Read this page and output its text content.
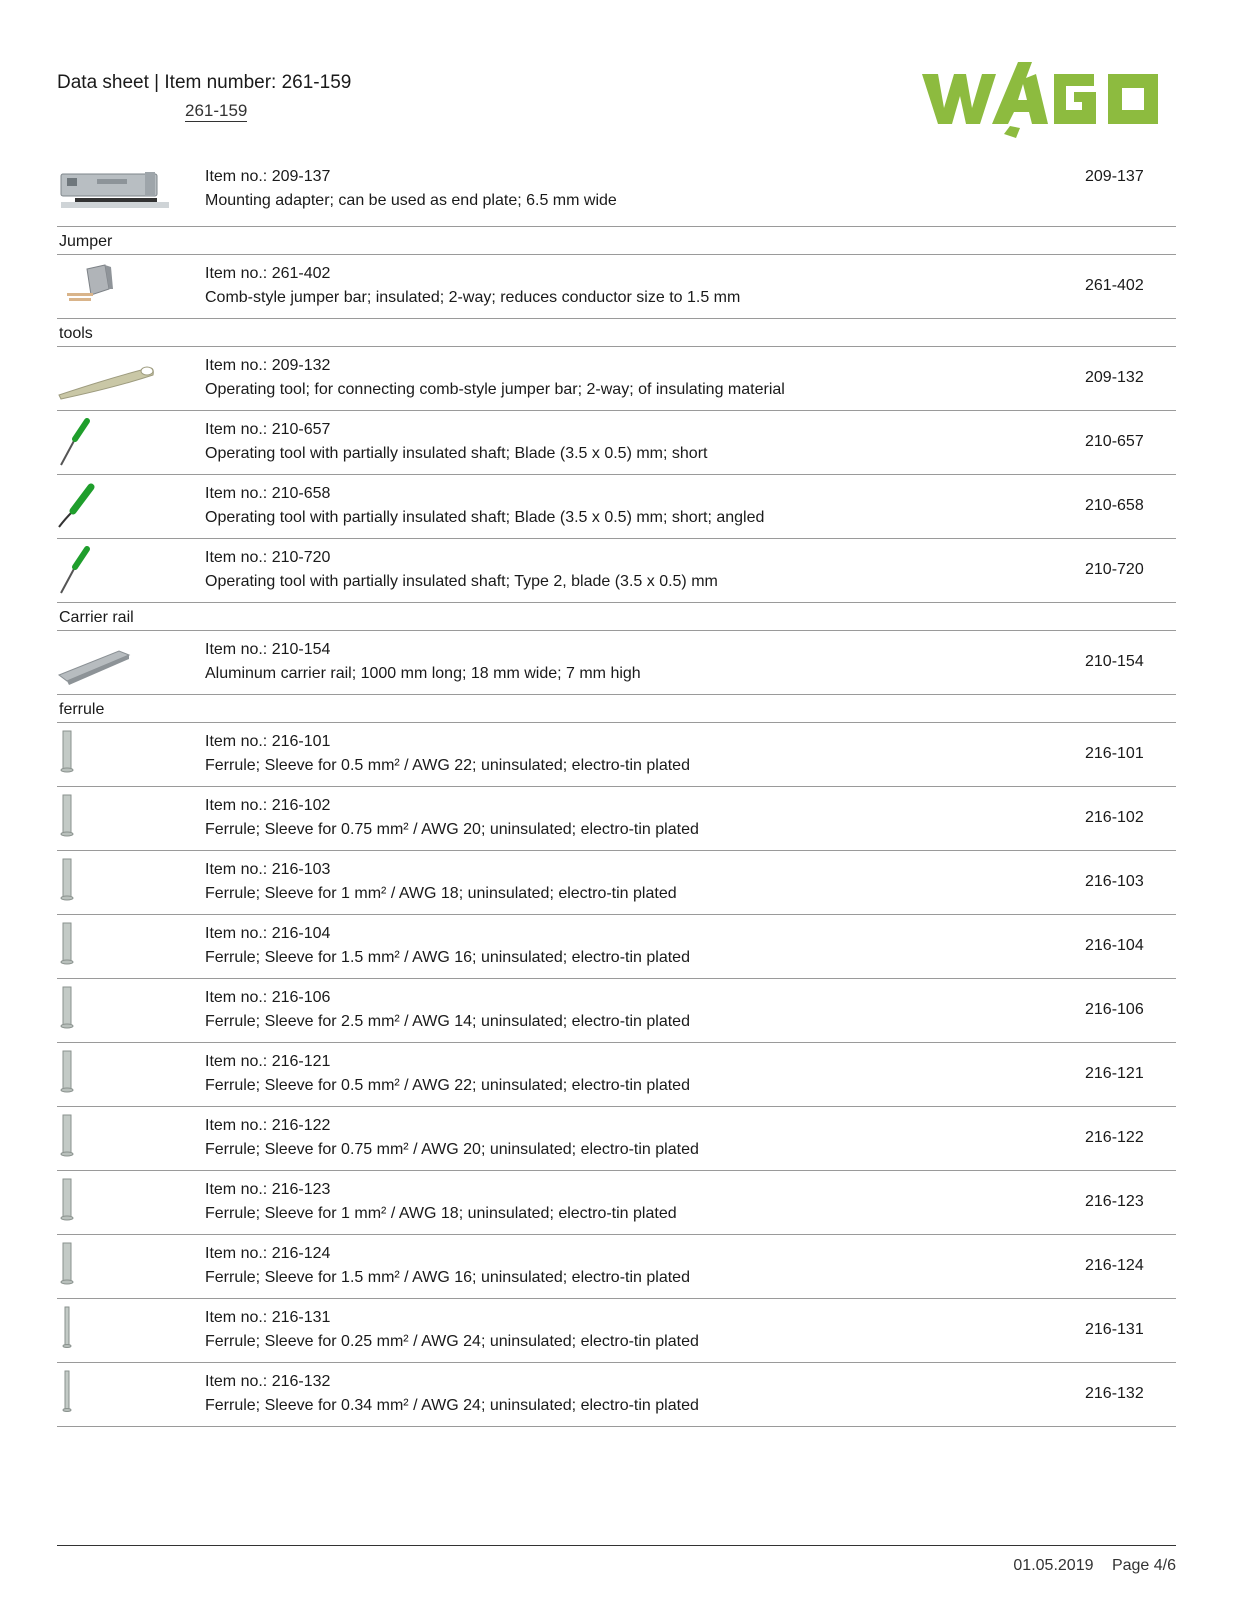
Data sheet | Item number: 261-159
261-159
Item no.: 209-137
Mounting adapter; can be used as end plate; 6.5 mm wide
209-137
Jumper
Item no.: 261-402
Comb-style jumper bar; insulated; 2-way; reduces conductor size to 1.5 mm
261-402
tools
Item no.: 209-132
Operating tool; for connecting comb-style jumper bar; 2-way; of insulating material
209-132
Item no.: 210-657
Operating tool with partially insulated shaft; Blade (3.5 x 0.5) mm; short
210-657
Item no.: 210-658
Operating tool with partially insulated shaft; Blade (3.5 x 0.5) mm; short; angled
210-658
Item no.: 210-720
Operating tool with partially insulated shaft; Type 2, blade (3.5 x 0.5) mm
210-720
Carrier rail
Item no.: 210-154
Aluminum carrier rail; 1000 mm long; 18 mm wide; 7 mm high
210-154
ferrule
Item no.: 216-101
Ferrule; Sleeve for 0.5 mm² / AWG 22; uninsulated; electro-tin plated
216-101
Item no.: 216-102
Ferrule; Sleeve for 0.75 mm² / AWG 20; uninsulated; electro-tin plated
216-102
Item no.: 216-103
Ferrule; Sleeve for 1 mm² / AWG 18; uninsulated; electro-tin plated
216-103
Item no.: 216-104
Ferrule; Sleeve for 1.5 mm² / AWG 16; uninsulated; electro-tin plated
216-104
Item no.: 216-106
Ferrule; Sleeve for 2.5 mm² / AWG 14; uninsulated; electro-tin plated
216-106
Item no.: 216-121
Ferrule; Sleeve for 0.5 mm² / AWG 22; uninsulated; electro-tin plated
216-121
Item no.: 216-122
Ferrule; Sleeve for 0.75 mm² / AWG 20; uninsulated; electro-tin plated
216-122
Item no.: 216-123
Ferrule; Sleeve for 1 mm² / AWG 18; uninsulated; electro-tin plated
216-123
Item no.: 216-124
Ferrule; Sleeve for 1.5 mm² / AWG 16; uninsulated; electro-tin plated
216-124
Item no.: 216-131
Ferrule; Sleeve for 0.25 mm² / AWG 24; uninsulated; electro-tin plated
216-131
Item no.: 216-132
Ferrule; Sleeve for 0.34 mm² / AWG 24; uninsulated; electro-tin plated
216-132
01.05.2019 Page 4/6
